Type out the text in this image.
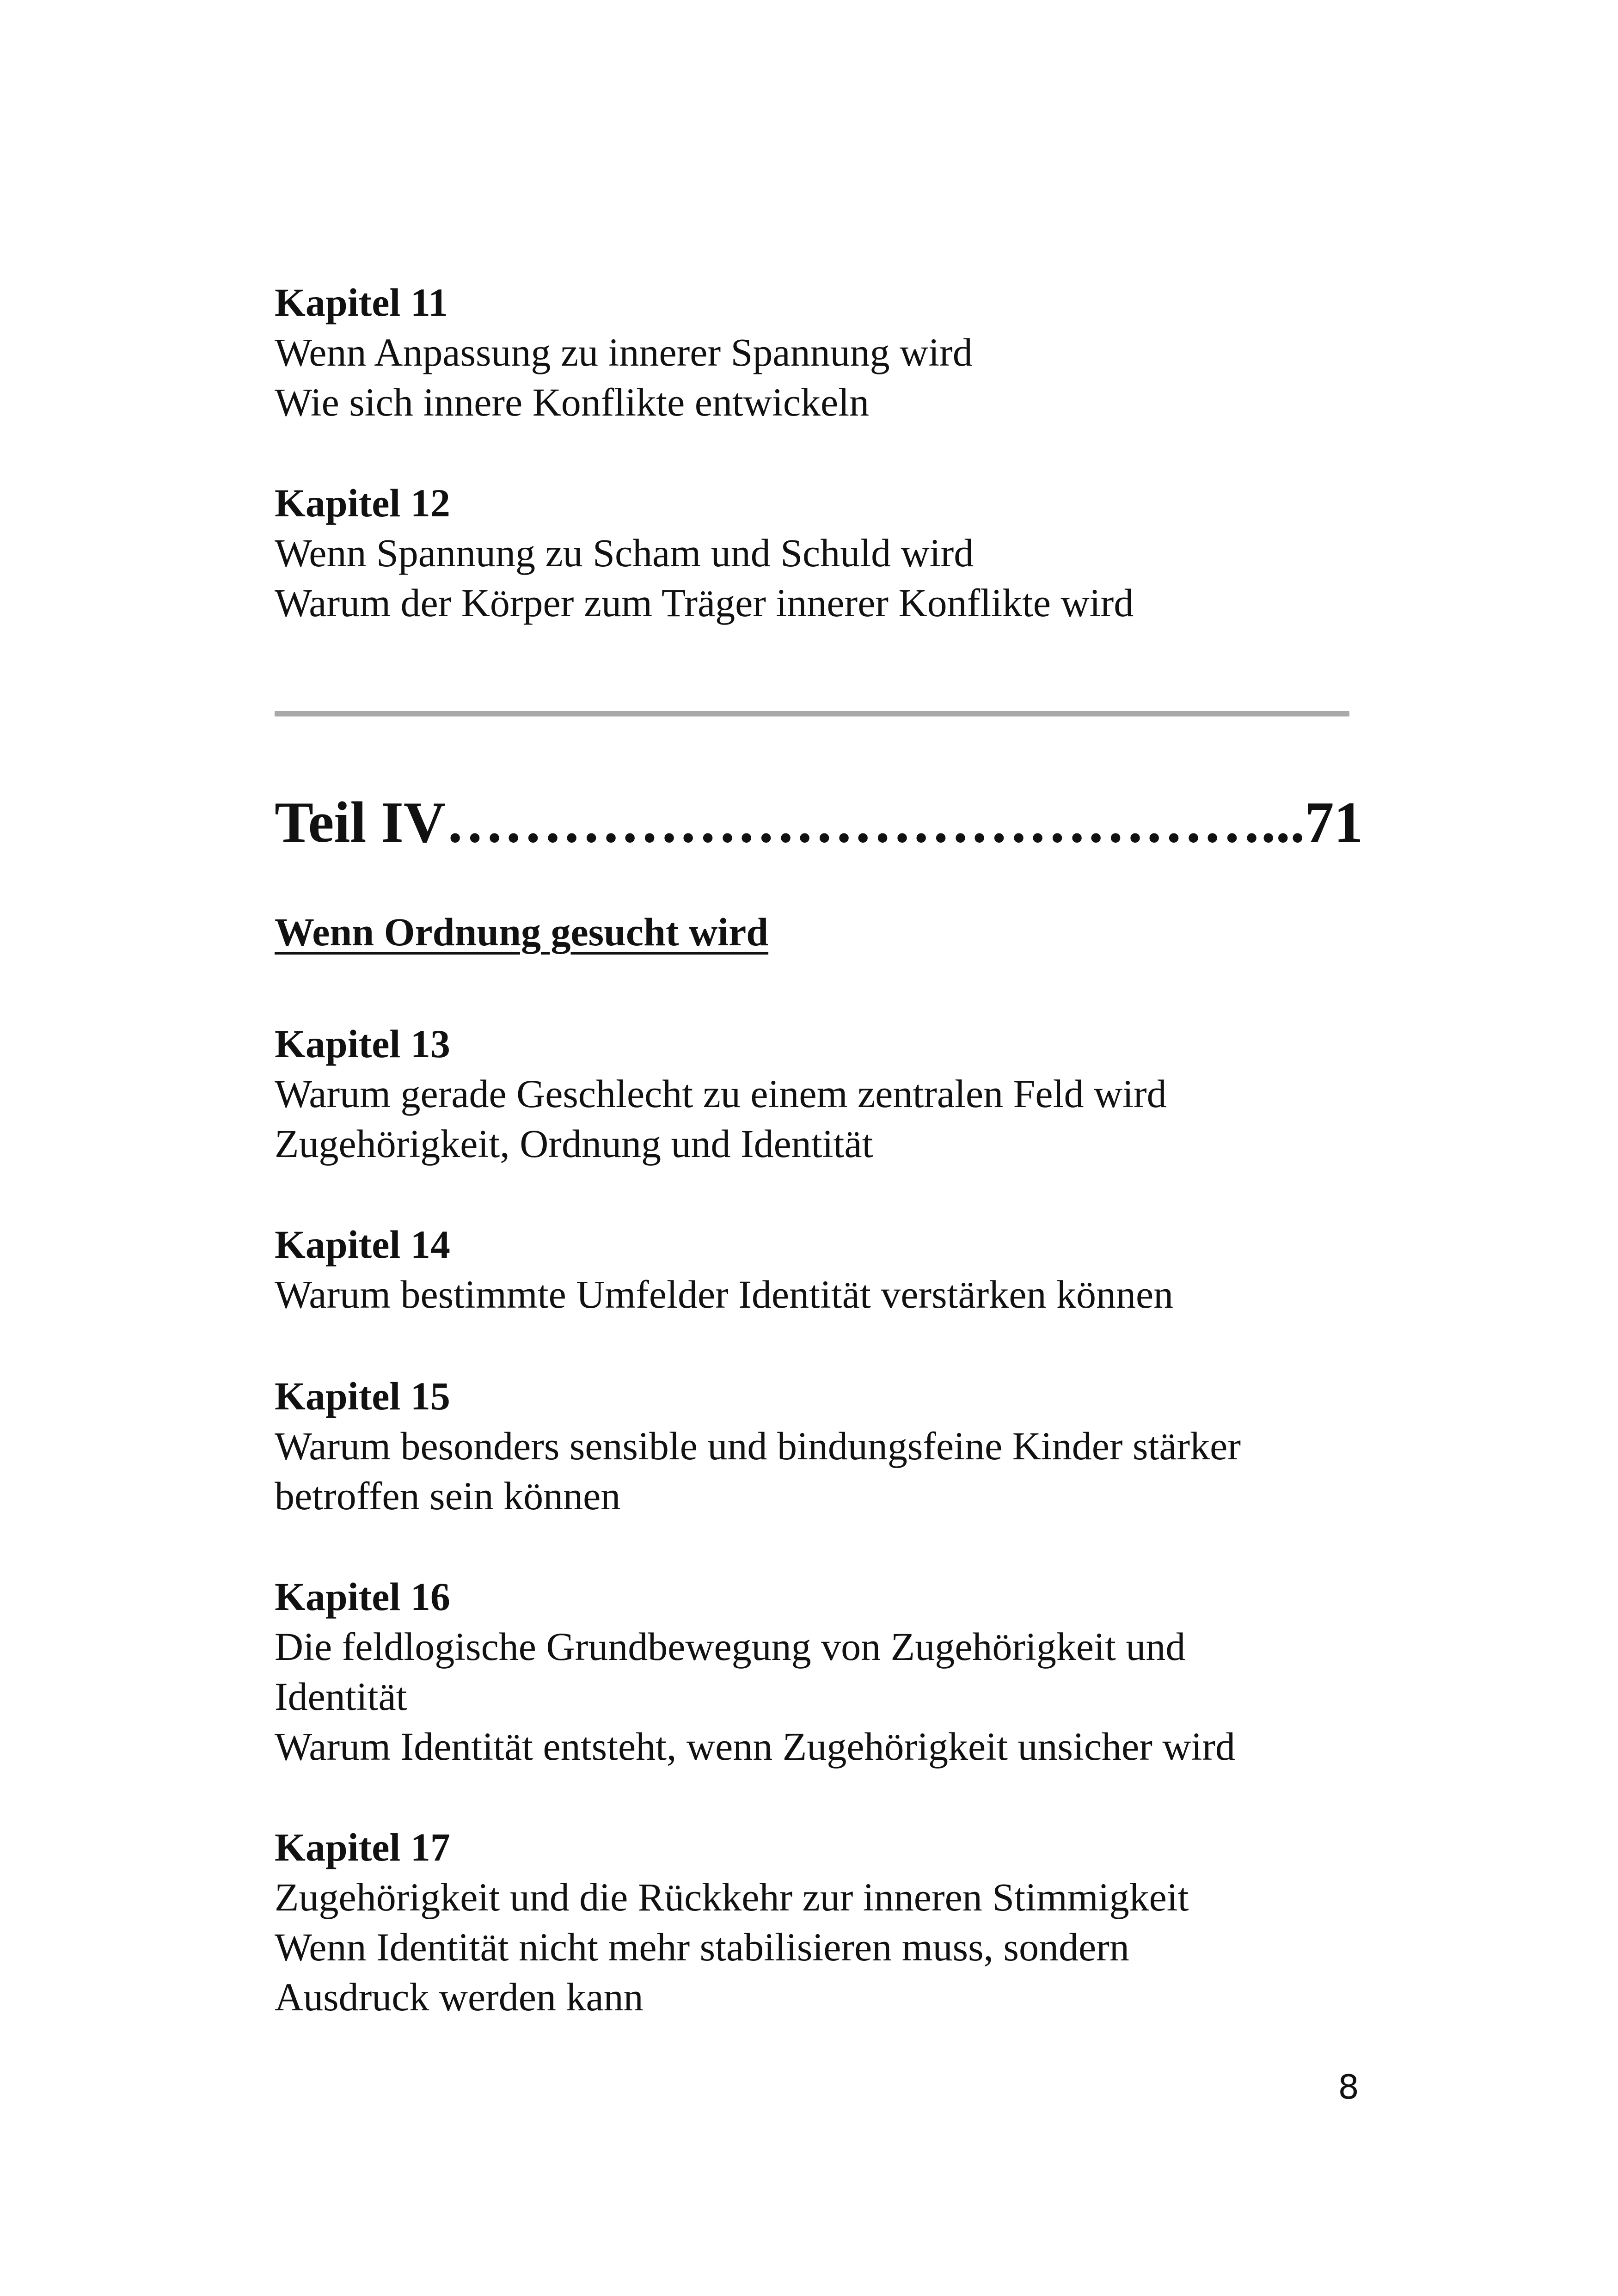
Kapitel 11

Wenn Anpassung zu innerer Spannung wird

Wie sich innere Konflikte entwickeln

Kapitel 12

Wenn Spannung zu Scham und Schuld wird

Warum der Körper zum Träger innerer Konflikte wird

Teil IV……………………………………...71

Wenn Ordnung gesucht wird

Kapitel 13

Warum gerade Geschlecht zu einem zentralen Feld wird

Zugehörigkeit, Ordnung und Identität

Kapitel 14

Warum bestimmte Umfelder Identität verstärken können

Kapitel 15

Warum besonders sensible und bindungsfeine Kinder stärker

betroffen sein können

Kapitel 16

Die feldlogische Grundbewegung von Zugehörigkeit und

Identität

Warum Identität entsteht, wenn Zugehörigkeit unsicher wird

Kapitel 17

Zugehörigkeit und die Rückkehr zur inneren Stimmigkeit

Wenn Identität nicht mehr stabilisieren muss, sondern

Ausdruck werden kann

8
